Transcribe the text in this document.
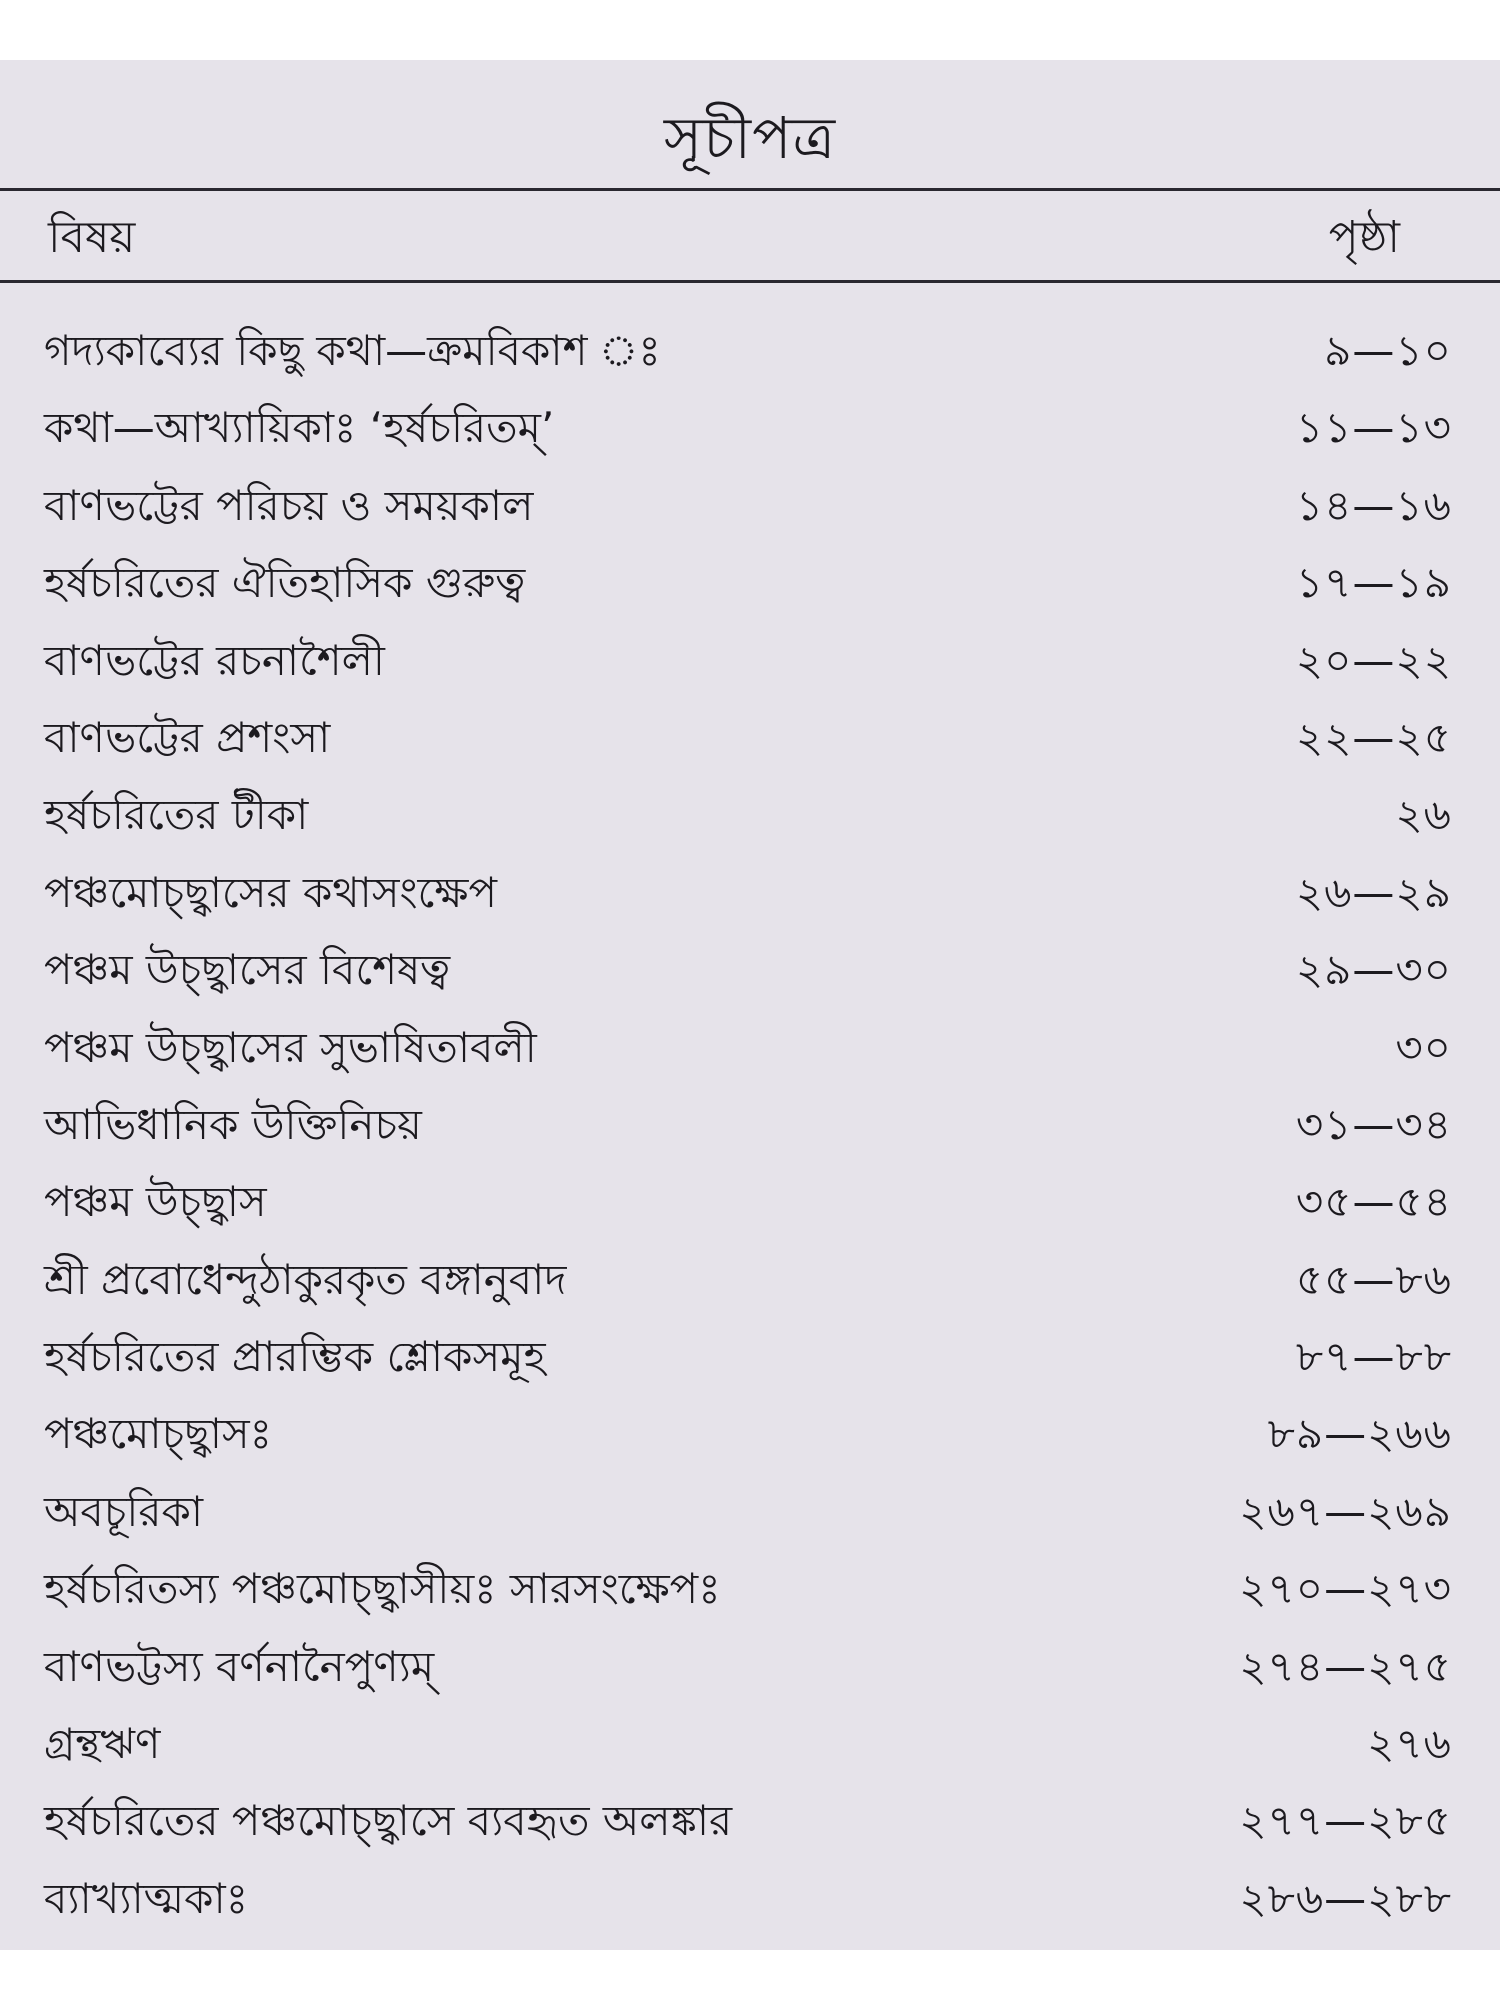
সূচীপত্র
বিষয়	পৃষ্ঠা
গদ্যকাব্যের কিছু কথা—ক্রমবিকাশ ঃ	৯—১০
কথা—আখ্যায়িকাঃ ‘হর্ষচরিতম্’	১১—১৩
বাণভট্টের পরিচয় ও সময়কাল	১৪—১৬
হর্ষচরিতের ঐতিহাসিক গুরুত্ব	১৭—১৯
বাণভট্টের রচনাশৈলী	২০—২২
বাণভট্টের প্রশংসা	২২—২৫
হর্ষচরিতের টীকা	২৬
পঞ্চমোচ্ছ্বাসের কথাসংক্ষেপ	২৬—২৯
পঞ্চম উচ্ছ্বাসের বিশেষত্ব	২৯—৩০
পঞ্চম উচ্ছ্বাসের সুভাষিতাবলী	৩০
আভিধানিক উক্তিনিচয়	৩১—৩৪
পঞ্চম উচ্ছ্বাস	৩৫—৫৪
শ্রী প্রবোধেন্দুঠাকুরকৃত বঙ্গানুবাদ	৫৫—৮৬
হর্ষচরিতের প্রারম্ভিক শ্লোকসমূহ	৮৭—৮৮
পঞ্চমোচ্ছ্বাসঃ	৮৯—২৬৬
অবচূরিকা	২৬৭—২৬৯
হর্ষচরিতস্য পঞ্চমোচ্ছ্বাসীয়ঃ সারসংক্ষেপঃ	২৭০—২৭৩
বাণভট্টস্য বর্ণনানৈপুণ্যম্	২৭৪—২৭৫
গ্রন্থঋণ	২৭৬
হর্ষচরিতের পঞ্চমোচ্ছ্বাসে ব্যবহৃত অলঙ্কার	২৭৭—২৮৫
ব্যাখ্যাত্মকাঃ	২৮৬—২৮৮
